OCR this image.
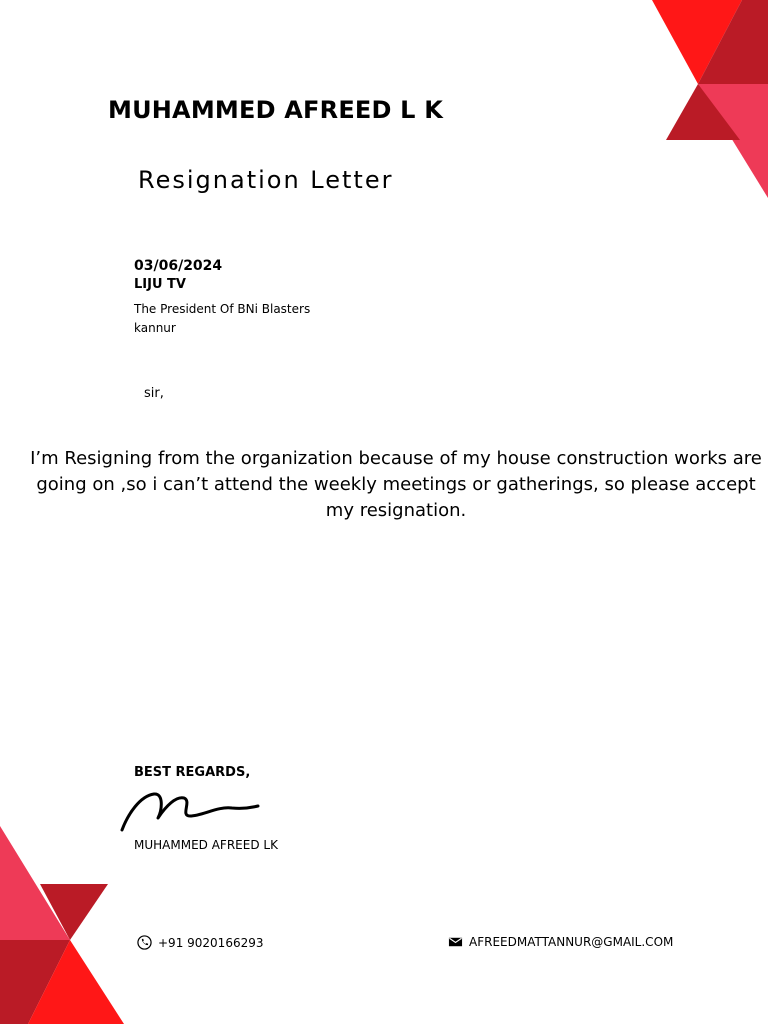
MUHAMMED AFREED L K
Resignation Letter
03/06/2024
LIJU TV
The President Of BNi Blasters
kannur
sir,
I’m Resigning from the organization because of my house construction works are going on ,so i can’t attend the weekly meetings or gatherings, so please accept my resignation.
BEST REGARDS,
MUHAMMED AFREED LK
+91 9020166293	AFREEDMATTANNUR@GMAIL.COM
